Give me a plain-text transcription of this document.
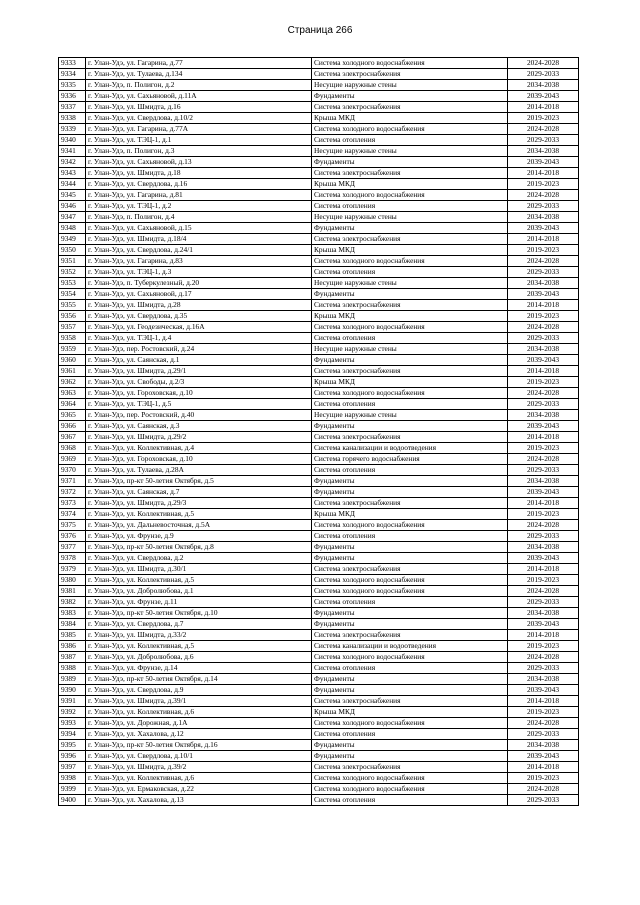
Страница 266
9333	г. Улан-Удэ, ул. Гагарина, д.77	Система холодного водоснабжения	2024-2028
9334	г. Улан-Удэ, ул. Тулаева, д.134	Система электроснабжения	2029-2033
9335	г. Улан-Удэ, п. Полигон, д.2	Несущие наружные стены	2034-2038
9336	г. Улан-Удэ, ул. Сахьяновой, д.11А	Фундаменты	2039-2043
9337	г. Улан-Удэ, ул. Шмидта, д.16	Система электроснабжения	2014-2018
9338	г. Улан-Удэ, ул. Свердлова, д.10/2	Крыша МКД	2019-2023
9339	г. Улан-Удэ, ул. Гагарина, д.77А	Система холодного водоснабжения	2024-2028
9340	г. Улан-Удэ, ул. ТЭЦ-1, д.1	Система отопления	2029-2033
9341	г. Улан-Удэ, п. Полигон, д.3	Несущие наружные стены	2034-2038
9342	г. Улан-Удэ, ул. Сахьяновой, д.13	Фундаменты	2039-2043
9343	г. Улан-Удэ, ул. Шмидта, д.18	Система электроснабжения	2014-2018
9344	г. Улан-Удэ, ул. Свердлова, д.16	Крыша МКД	2019-2023
9345	г. Улан-Удэ, ул. Гагарина, д.81	Система холодного водоснабжения	2024-2028
9346	г. Улан-Удэ, ул. ТЭЦ-1, д.2	Система отопления	2029-2033
9347	г. Улан-Удэ, п. Полигон, д.4	Несущие наружные стены	2034-2038
9348	г. Улан-Удэ, ул. Сахьяновой, д.15	Фундаменты	2039-2043
9349	г. Улан-Удэ, ул. Шмидта, д.18/4	Система электроснабжения	2014-2018
9350	г. Улан-Удэ, ул. Свердлова, д.24/1	Крыша МКД	2019-2023
9351	г. Улан-Удэ, ул. Гагарина, д.83	Система холодного водоснабжения	2024-2028
9352	г. Улан-Удэ, ул. ТЭЦ-1, д.3	Система отопления	2029-2033
9353	г. Улан-Удэ, п. Туберкулезный, д.20	Несущие наружные стены	2034-2038
9354	г. Улан-Удэ, ул. Сахьяновой, д.17	Фундаменты	2039-2043
9355	г. Улан-Удэ, ул. Шмидта, д.28	Система электроснабжения	2014-2018
9356	г. Улан-Удэ, ул. Свердлова, д.35	Крыша МКД	2019-2023
9357	г. Улан-Удэ, ул. Геодезическая, д.16А	Система холодного водоснабжения	2024-2028
9358	г. Улан-Удэ, ул. ТЭЦ-1, д.4	Система отопления	2029-2033
9359	г. Улан-Удэ, пер. Ростовский, д.24	Несущие наружные стены	2034-2038
9360	г. Улан-Удэ, ул. Саянская, д.1	Фундаменты	2039-2043
9361	г. Улан-Удэ, ул. Шмидта, д.29/1	Система электроснабжения	2014-2018
9362	г. Улан-Удэ, ул. Свободы, д.2/3	Крыша МКД	2019-2023
9363	г. Улан-Удэ, ул. Гороховская, д.10	Система холодного водоснабжения	2024-2028
9364	г. Улан-Удэ, ул. ТЭЦ-1, д.5	Система отопления	2029-2033
9365	г. Улан-Удэ, пер. Ростовский, д.40	Несущие наружные стены	2034-2038
9366	г. Улан-Удэ, ул. Саянская, д.3	Фундаменты	2039-2043
9367	г. Улан-Удэ, ул. Шмидта, д.29/2	Система электроснабжения	2014-2018
9368	г. Улан-Удэ, ул. Коллективная, д.4	Система канализации и водоотведения	2019-2023
9369	г. Улан-Удэ, ул. Гороховская, д.10	Система горячего водоснабжения	2024-2028
9370	г. Улан-Удэ, ул. Тулаева, д.28А	Система отопления	2029-2033
9371	г. Улан-Удэ, пр-кт 50-летия Октября, д.5	Фундаменты	2034-2038
9372	г. Улан-Удэ, ул. Саянская, д.7	Фундаменты	2039-2043
9373	г. Улан-Удэ, ул. Шмидта, д.29/3	Система электроснабжения	2014-2018
9374	г. Улан-Удэ, ул. Коллективная, д.5	Крыша МКД	2019-2023
9375	г. Улан-Удэ, ул. Дальневосточная, д.5А	Система холодного водоснабжения	2024-2028
9376	г. Улан-Удэ, ул. Фрунзе, д.9	Система отопления	2029-2033
9377	г. Улан-Удэ, пр-кт 50-летия Октября, д.8	Фундаменты	2034-2038
9378	г. Улан-Удэ, ул. Свердлова, д.2	Фундаменты	2039-2043
9379	г. Улан-Удэ, ул. Шмидта, д.30/1	Система электроснабжения	2014-2018
9380	г. Улан-Удэ, ул. Коллективная, д.5	Система холодного водоснабжения	2019-2023
9381	г. Улан-Удэ, ул. Добролюбова, д.1	Система холодного водоснабжения	2024-2028
9382	г. Улан-Удэ, ул. Фрунзе, д.11	Система отопления	2029-2033
9383	г. Улан-Удэ, пр-кт 50-летия Октября, д.10	Фундаменты	2034-2038
9384	г. Улан-Удэ, ул. Свердлова, д.7	Фундаменты	2039-2043
9385	г. Улан-Удэ, ул. Шмидта, д.33/2	Система электроснабжения	2014-2018
9386	г. Улан-Удэ, ул. Коллективная, д.5	Система канализации и водоотведения	2019-2023
9387	г. Улан-Удэ, ул. Добролюбова, д.6	Система холодного водоснабжения	2024-2028
9388	г. Улан-Удэ, ул. Фрунзе, д.14	Система отопления	2029-2033
9389	г. Улан-Удэ, пр-кт 50-летия Октября, д.14	Фундаменты	2034-2038
9390	г. Улан-Удэ, ул. Свердлова, д.9	Фундаменты	2039-2043
9391	г. Улан-Удэ, ул. Шмидта, д.39/1	Система электроснабжения	2014-2018
9392	г. Улан-Удэ, ул. Коллективная, д.6	Крыша МКД	2019-2023
9393	г. Улан-Удэ, ул. Дорожная, д.1А	Система холодного водоснабжения	2024-2028
9394	г. Улан-Удэ, ул. Хахалова, д.12	Система отопления	2029-2033
9395	г. Улан-Удэ, пр-кт 50-летия Октября, д.16	Фундаменты	2034-2038
9396	г. Улан-Удэ, ул. Свердлова, д.10/1	Фундаменты	2039-2043
9397	г. Улан-Удэ, ул. Шмидта, д.39/2	Система электроснабжения	2014-2018
9398	г. Улан-Удэ, ул. Коллективная, д.6	Система холодного водоснабжения	2019-2023
9399	г. Улан-Удэ, ул. Ермаковская, д.22	Система холодного водоснабжения	2024-2028
9400	г. Улан-Удэ, ул. Хахалова, д.13	Система отопления	2029-2033
